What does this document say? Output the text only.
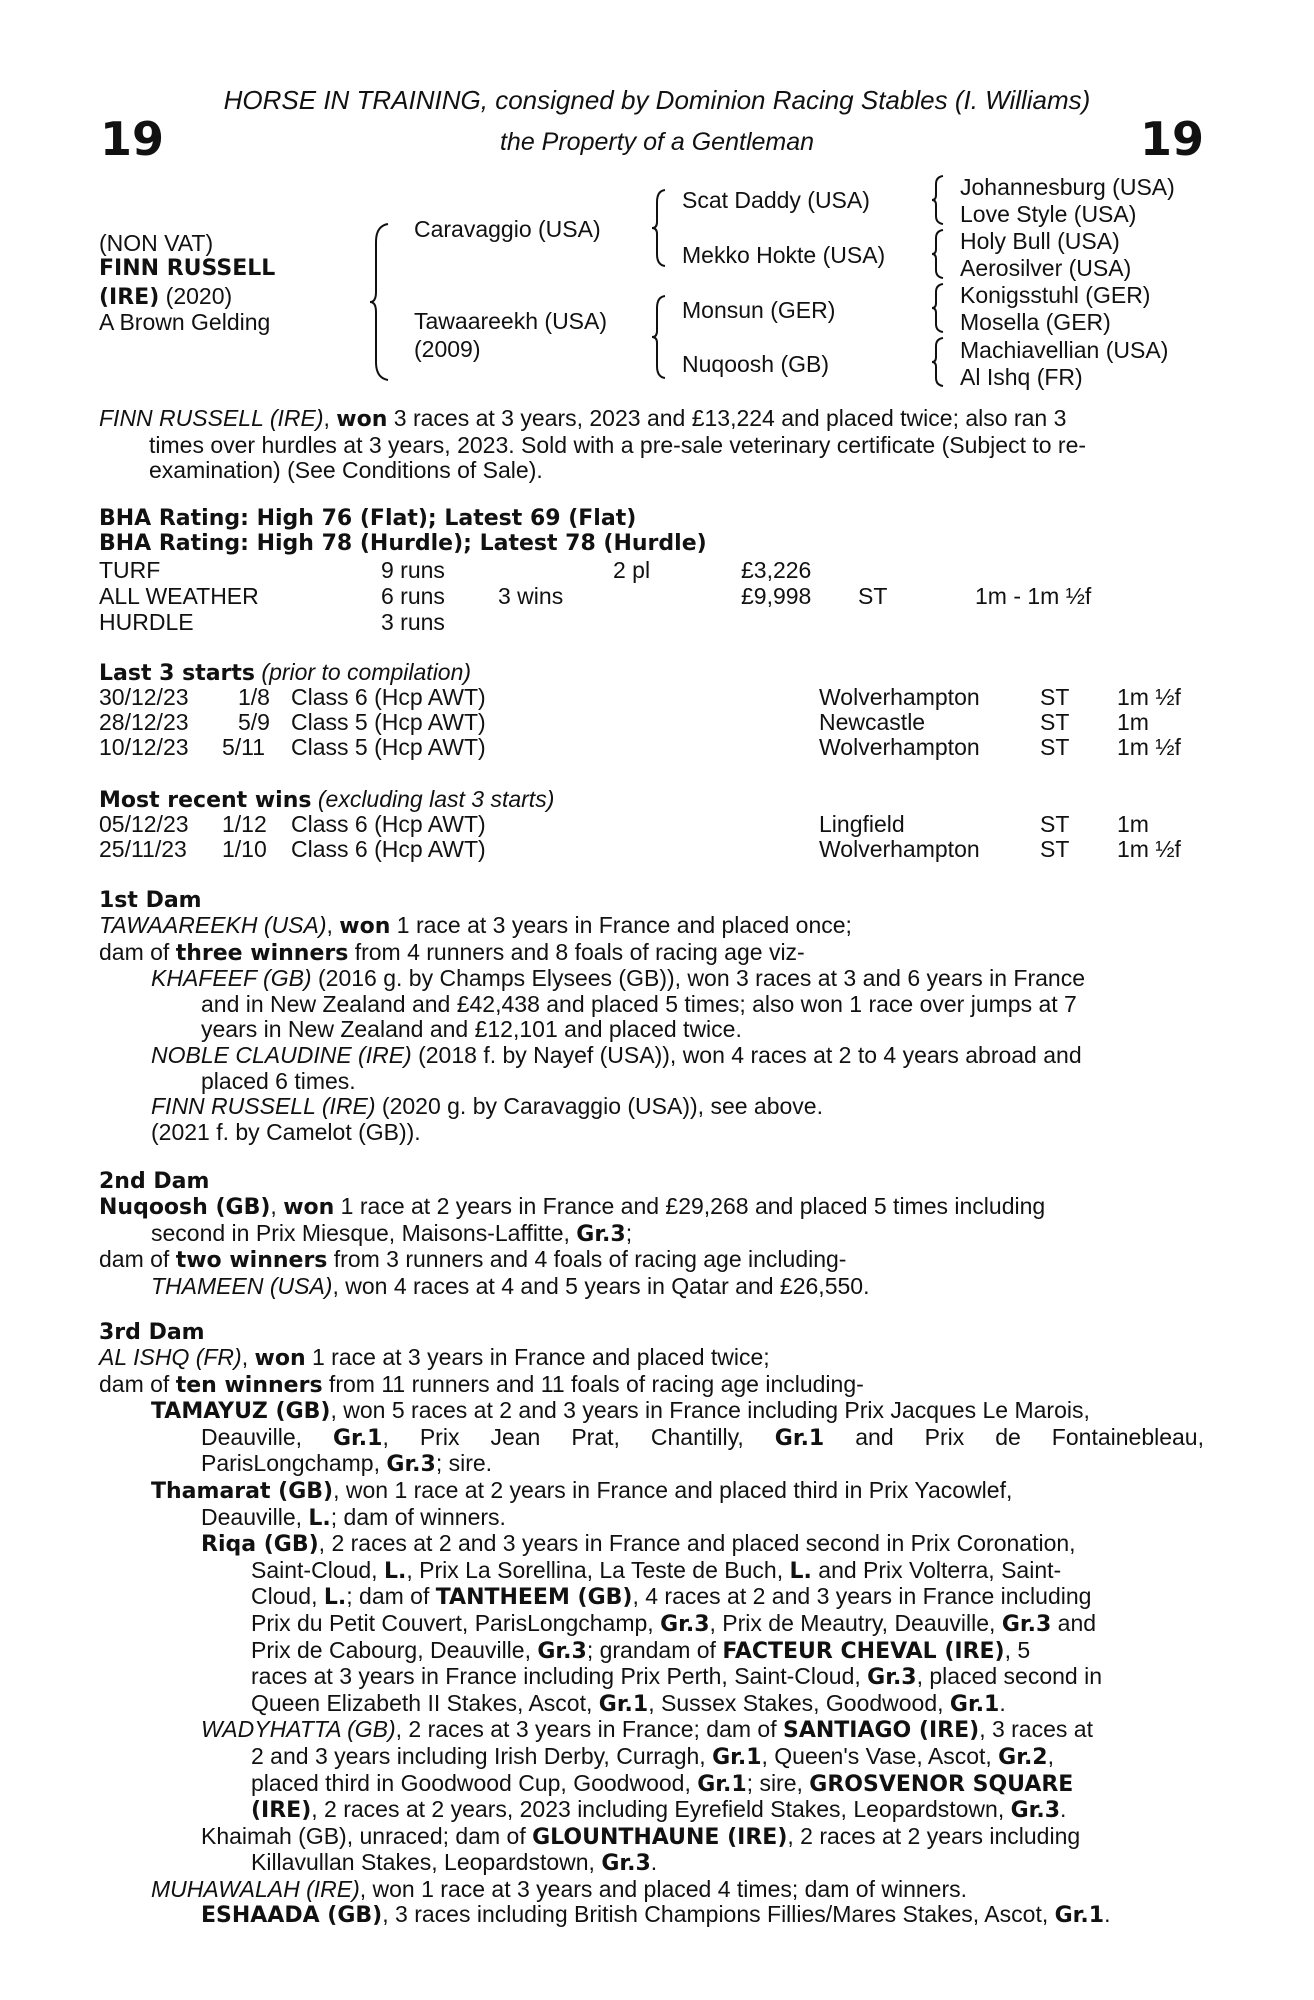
19	19
HORSE IN TRAINING, consigned by Dominion Racing Stables (I. Williams)
the Property of a Gentleman
(NON VAT)
FINN RUSSELL
(IRE) (2020)
A Brown Gelding
Caravaggio (USA)
Tawaareekh (USA)
(2009)
Scat Daddy (USA)
Mekko Hokte (USA)
Monsun (GER)
Nuqoosh (GB)
Johannesburg (USA)
Love Style (USA)
Holy Bull (USA)
Aerosilver (USA)
Konigsstuhl (GER)
Mosella (GER)
Machiavellian (USA)
Al Ishq (FR)
FINN RUSSELL (IRE), won 3 races at 3 years, 2023 and £13,224 and placed twice; also ran 3
times over hurdles at 3 years, 2023. Sold with a pre-sale veterinary certificate (Subject to re-
examination) (See Conditions of Sale).
BHA Rating: High 76 (Flat); Latest 69 (Flat)
BHA Rating: High 78 (Hurdle); Latest 78 (Hurdle)
TURF	9 runs	2 pl	£3,226
ALL WEATHER	6 runs 3 wins	£9,998 ST	1m - 1m ½f
HURDLE	3 runs
Last 3 starts (prior to compilation)
30/12/23 1/8 Class 6 (Hcp AWT)	Wolverhampton	ST 1m ½f
28/12/23 5/9 Class 5 (Hcp AWT)	Newcastle	ST 1m
10/12/23 5/11 Class 5 (Hcp AWT)	Wolverhampton	ST 1m ½f
Most recent wins (excluding last 3 starts)
05/12/23 1/12 Class 6 (Hcp AWT)	Lingfield	ST 1m
25/11/23 1/10 Class 6 (Hcp AWT)	Wolverhampton	ST 1m ½f
1st Dam
TAWAAREEKH (USA), won 1 race at 3 years in France and placed once;
dam of three winners from 4 runners and 8 foals of racing age viz-
KHAFEEF (GB) (2016 g. by Champs Elysees (GB)), won 3 races at 3 and 6 years in France
and in New Zealand and £42,438 and placed 5 times; also won 1 race over jumps at 7
years in New Zealand and £12,101 and placed twice.
NOBLE CLAUDINE (IRE) (2018 f. by Nayef (USA)), won 4 races at 2 to 4 years abroad and
placed 6 times.
FINN RUSSELL (IRE) (2020 g. by Caravaggio (USA)), see above.
(2021 f. by Camelot (GB)).
2nd Dam
Nuqoosh (GB), won 1 race at 2 years in France and £29,268 and placed 5 times including
second in Prix Miesque, Maisons-Laffitte, Gr.3;
dam of two winners from 3 runners and 4 foals of racing age including-
THAMEEN (USA), won 4 races at 4 and 5 years in Qatar and £26,550.
3rd Dam
AL ISHQ (FR), won 1 race at 3 years in France and placed twice;
dam of ten winners from 11 runners and 11 foals of racing age including-
TAMAYUZ (GB), won 5 races at 2 and 3 years in France including Prix Jacques Le Marois,
Deauville, Gr.1, Prix Jean Prat, Chantilly, Gr.1 and Prix de Fontainebleau,
ParisLongchamp, Gr.3; sire.
Thamarat (GB), won 1 race at 2 years in France and placed third in Prix Yacowlef,
Deauville, L.; dam of winners.
Riqa (GB), 2 races at 2 and 3 years in France and placed second in Prix Coronation,
Saint-Cloud, L., Prix La Sorellina, La Teste de Buch, L. and Prix Volterra, Saint-
Cloud, L.; dam of TANTHEEM (GB), 4 races at 2 and 3 years in France including
Prix du Petit Couvert, ParisLongchamp, Gr.3, Prix de Meautry, Deauville, Gr.3 and
Prix de Cabourg, Deauville, Gr.3; grandam of FACTEUR CHEVAL (IRE), 5
races at 3 years in France including Prix Perth, Saint-Cloud, Gr.3, placed second in
Queen Elizabeth II Stakes, Ascot, Gr.1, Sussex Stakes, Goodwood, Gr.1.
WADYHATTA (GB), 2 races at 3 years in France; dam of SANTIAGO (IRE), 3 races at
2 and 3 years including Irish Derby, Curragh, Gr.1, Queen's Vase, Ascot, Gr.2,
placed third in Goodwood Cup, Goodwood, Gr.1; sire, GROSVENOR SQUARE
(IRE), 2 races at 2 years, 2023 including Eyrefield Stakes, Leopardstown, Gr.3.
Khaimah (GB), unraced; dam of GLOUNTHAUNE (IRE), 2 races at 2 years including
Killavullan Stakes, Leopardstown, Gr.3.
MUHAWALAH (IRE), won 1 race at 3 years and placed 4 times; dam of winners.
ESHAADA (GB), 3 races including British Champions Fillies/Mares Stakes, Ascot, Gr.1.
